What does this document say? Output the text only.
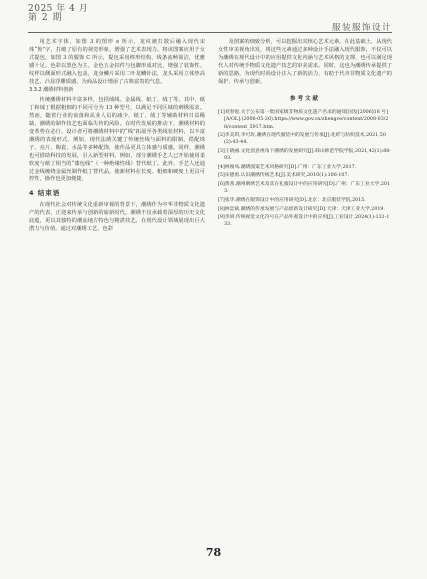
2025 年 4 月
第 2 期
服装服饰设计

用艺术字体，如图 3 的图形 e 所示，龙纹被打散后融入现代宋体“鲁”字，打破了原有的视觉形象，增强了艺术表现力。将该图案应用于女式提包，如图 3 的服饰 C 所示，提包采用棒形结构，线条流畅简洁，优雅感十足。色彩以黑色为主，金色五金扣件与包脚形成对比，增强了装饰性。纹样以侧面形式融入包盖，龙身鳞片采用二叶龙鳞针法，龙头采用立体垫高技艺，凸显浮雕质感，为商品设计增添了古典富贵的气息。

3.3.2 潮绣材料创新

传统潮绣材料丰富多样，包括绒线、金属线、纸丁、绒丁等。其中，纸丁和绒丁根据粗细的不同可分为 13 种型号，以满足不同区域的刺绣需求。然而，随着行业的衰落和从业人员的减少，纸丁、绒丁等辅助材料日益稀缺，潮绣的制作技艺也面临失传的风险。在时代发展的推动下，潮绣材料的变革势在必行。设计者可将潮绣材料中的“线”拓展至各类线状材料，以丰富潮绣的表现形式。例如，现代法绣关键了传统丝线与面料的限制，搭配珠子、亮片、陶瓷、水晶等多种配饰，使作品更具立体感与质感。同样，潮绣也可借助科技的发展，引入新型材料。例如，部分潮绣手艺人已开始使用柔软度与纸丁相当的“漆包线”（一种绝缘性线）替代纸丁。此外，手艺人还通过金线缠绕金属丝制作纸丁替代品，使新材料在长度、粗细和硬度上更具可控性，操作也更加便捷。

4 结束语

在现代社会对传统文化重新审视的背景下，潮绣作为中华非物质文化遗产的代表，正迎来传承与创新的崭新时代。潮绣不仅承载着深厚的历史文化底蕴，更以其独特的潮汕地方特色与精湛技艺，在现代设计领域展现出巨大潜力与价值。通过对潮绣工艺、色彩

及图案的细致分析，可以挖掘出其核心艺术元素。在此基础上，从现代女性审美视角出发，将这些元素通过多种设计手法融入现代服饰，不仅可以为潮绣在现代设计中的应用提供文化内涵与艺术风格的支撑，也可以满足现代人对传统手物质文化遗产技艺的审美需求。同时，这也为潮绣传承提供了新的思路，为现代时尚设计注入了新的活力，有助于代齐非物质文化遗产的保护、传承与创新。

参考文献
[1]刘春悦.关于公布第一批国家级非物质文化遗产名录的通知[国发[2006]18 号][A/OL].(2006-05-20).https://www.gov.cn/zhengce/content/2008-03/28/content_5917.htm.
[2]李美琪,李可玫.潮绣在现代服装中的发展与传承[J].化纤与纺织技术,2021,50(2):43-44.
[3]王晓丽.文化创意视角下潮绣的发展研究[J].韩山师范学院学报,2021,42(1):88-93.
[4]林俊凤.潮绣图案艺术风格研究[D].广州：广东工业大学,2017.
[5]宋德勇.认识潮绣传统艺术[J].美术研究,2010(1):106-107.
[6]黄茜.潮州刺绣艺术及其在礼服设计中的应用研究[D].广州：广东工业大学,2013.
[7]张华.潮绣在服饰设计中的应用研究[D].北京：北京服装学院,2015.
[8]林忠斌.潮绣的传承发展与产品创新设计研究[D].天津：天津工业大学,2019.
[9]李妍.传统视觉文化符号在产品外观设计中的应用[J].工业设计,2024(1):131-133.
78
